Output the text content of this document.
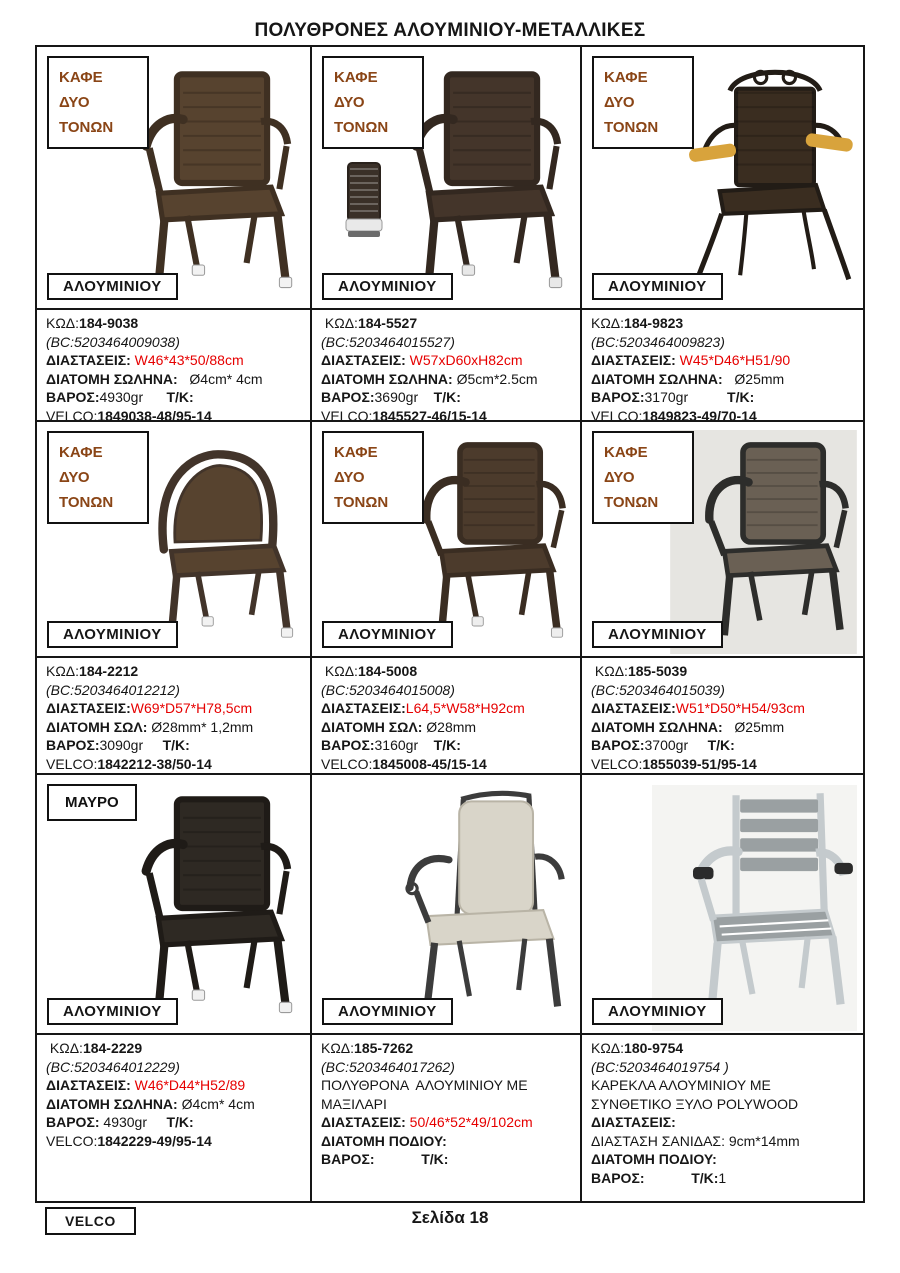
ΠΟΛΥΘΡΟΝΕΣ ΑΛΟΥΜΙΝΙΟΥ-ΜΕΤΑΛΛΙΚΕΣ
ΚΑΦΕ
ΔΥΟ
ΤΟΝΩΝ
ΑΛΟΥΜΙΝΙΟΥ
ΚΑΦΕ
ΔΥΟ
ΤΟΝΩΝ
ΑΛΟΥΜΙΝΙΟΥ
ΚΑΦΕ
ΔΥΟ
ΤΟΝΩΝ
ΑΛΟΥΜΙΝΙΟΥ
ΚΩΔ:184-9038
(BC:5203464009038)
ΔΙΑΣΤΑΣΕΙΣ: W46*43*50/88cm
ΔΙΑΤΟΜΗ ΣΩΛΗΝΑ:   Ø4cm* 4cm
ΒΑΡΟΣ:4930gr      Τ/Κ:
VELCO:1849038-48/95-14
ΚΩΔ:184-5527
(BC:5203464015527)
ΔΙΑΣΤΑΣΕΙΣ: W57xD60xH82cm
ΔΙΑΤΟΜΗ ΣΩΛΗΝΑ: Ø5cm*2.5cm
ΒΑΡΟΣ:3690gr    Τ/Κ:
VELCO:1845527-46/15-14
ΚΩΔ:184-9823
(BC:5203464009823)
ΔΙΑΣΤΑΣΕΙΣ: W45*D46*H51/90
ΔΙΑΤΟΜΗ ΣΩΛΗΝΑ:   Ø25mm
ΒΑΡΟΣ:3170gr          Τ/Κ:
VELCO:1849823-49/70-14
ΚΑΦΕ
ΔΥΟ
ΤΟΝΩΝ
ΑΛΟΥΜΙΝΙΟΥ
ΚΑΦΕ
ΔΥΟ
ΤΟΝΩΝ
ΑΛΟΥΜΙΝΙΟΥ
ΚΑΦΕ
ΔΥΟ
ΤΟΝΩΝ
ΑΛΟΥΜΙΝΙΟΥ
ΚΩΔ:184-2212
(BC:5203464012212)
ΔΙΑΣΤΑΣΕΙΣ:W69*D57*H78,5cm
ΔΙΑΤΟΜΗ ΣΩΛ: Ø28mm* 1,2mm
ΒΑΡΟΣ:3090gr     Τ/Κ:
VELCO:1842212-38/50-14
ΚΩΔ:184-5008
(BC:5203464015008)
ΔΙΑΣΤΑΣΕΙΣ:L64,5*W58*H92cm
ΔΙΑΤΟΜΗ ΣΩΛ: Ø28mm
ΒΑΡΟΣ:3160gr    Τ/Κ:
VELCO:1845008-45/15-14
ΚΩΔ:185-5039
(BC:5203464015039)
ΔΙΑΣΤΑΣΕΙΣ:W51*D50*H54/93cm
ΔΙΑΤΟΜΗ ΣΩΛΗΝΑ:   Ø25mm
ΒΑΡΟΣ:3700gr     Τ/Κ:
VELCO:1855039-51/95-14
ΜΑΥΡΟ
ΑΛΟΥΜΙΝΙΟΥ	ΑΛΟΥΜΙΝΙΟΥ	ΑΛΟΥΜΙΝΙΟΥ
ΚΩΔ:184-2229
(BC:5203464012229)
ΔΙΑΣΤΑΣΕΙΣ: W46*D44*H52/89
ΔΙΑΤΟΜΗ ΣΩΛΗΝΑ: Ø4cm* 4cm
ΒΑΡΟΣ: 4930gr     Τ/Κ:
VELCO:1842229-49/95-14
ΚΩΔ:185-7262
(BC:5203464017262)
ΠΟΛΥΘΡΟΝΑ  ΑΛΟΥΜΙΝΙΟΥ ΜΕ
ΜΑΞΙΛΑΡΙ
ΔΙΑΣΤΑΣΕΙΣ: 50/46*52*49/102cm
ΔΙΑΤΟΜΗ ΠΟΔΙΟΥ:
ΒΑΡΟΣ:	Τ/Κ:
ΚΩΔ:180-9754
(BC:5203464019754 )
ΚΑΡΕΚΛΑ ΑΛΟΥΜΙΝΙΟΥ ΜΕ
ΣΥΝΘΕΤΙΚΟ ΞΥΛΟ POLYWOOD
ΔΙΑΣΤΑΣΕΙΣ:
ΔΙΑΣΤΑΣΗ ΣΑΝΙΔΑΣ: 9cm*14mm
ΔΙΑΤΟΜΗ ΠΟΔΙΟΥ:
ΒΑΡΟΣ:	Τ/Κ:1
VELCO	Σελίδα 18
